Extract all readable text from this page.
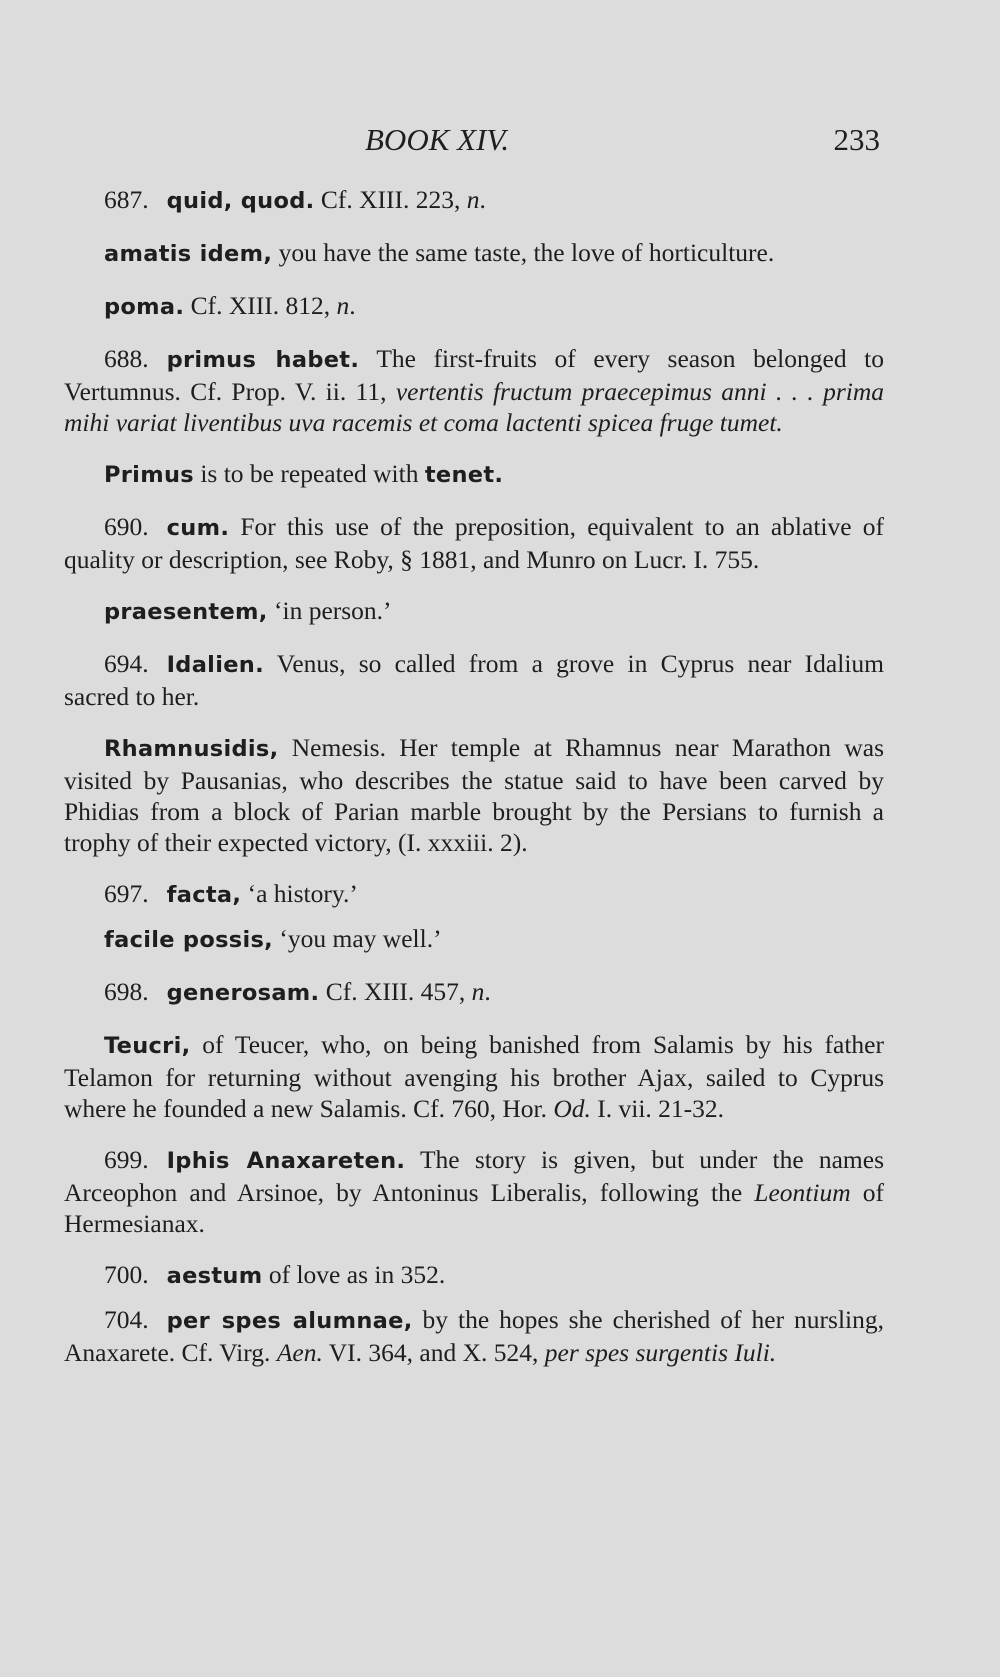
BOOK XIV.	233

687. quid, quod. Cf. XIII. 223, n.

amatis idem, you have the same taste, the love of horticulture.

poma. Cf. XIII. 812, n.

688. primus habet. The first-fruits of every season belonged to Vertumnus. Cf. Prop. V. ii. 11, vertentis fructum praecepimus anni . . . prima mihi variat liventibus uva racemis et coma lactenti spicea fruge tumet.

Primus is to be repeated with tenet.

690. cum. For this use of the preposition, equivalent to an ablative of quality or description, see Roby, § 1881, and Munro on Lucr. I. 755.

praesentem, ‘in person.’

694. Idalien. Venus, so called from a grove in Cyprus near Idalium sacred to her.

Rhamnusidis, Nemesis. Her temple at Rhamnus near Marathon was visited by Pausanias, who describes the statue said to have been carved by Phidias from a block of Parian marble brought by the Persians to furnish a trophy of their expected victory, (I. xxxiii. 2).

697. facta, ‘a history.’

facile possis, ‘you may well.’

698. generosam. Cf. XIII. 457, n.

Teucri, of Teucer, who, on being banished from Salamis by his father Telamon for returning without avenging his brother Ajax, sailed to Cyprus where he founded a new Salamis. Cf. 760, Hor. Od. I. vii. 21-32.

699. Iphis Anaxareten. The story is given, but under the names Arceophon and Arsinoe, by Antoninus Liberalis, following the Leontium of Hermesianax.

700. aestum of love as in 352.

704. per spes alumnae, by the hopes she cherished of her nursling, Anaxarete. Cf. Virg. Aen. VI. 364, and X. 524, per spes surgentis Iuli.
